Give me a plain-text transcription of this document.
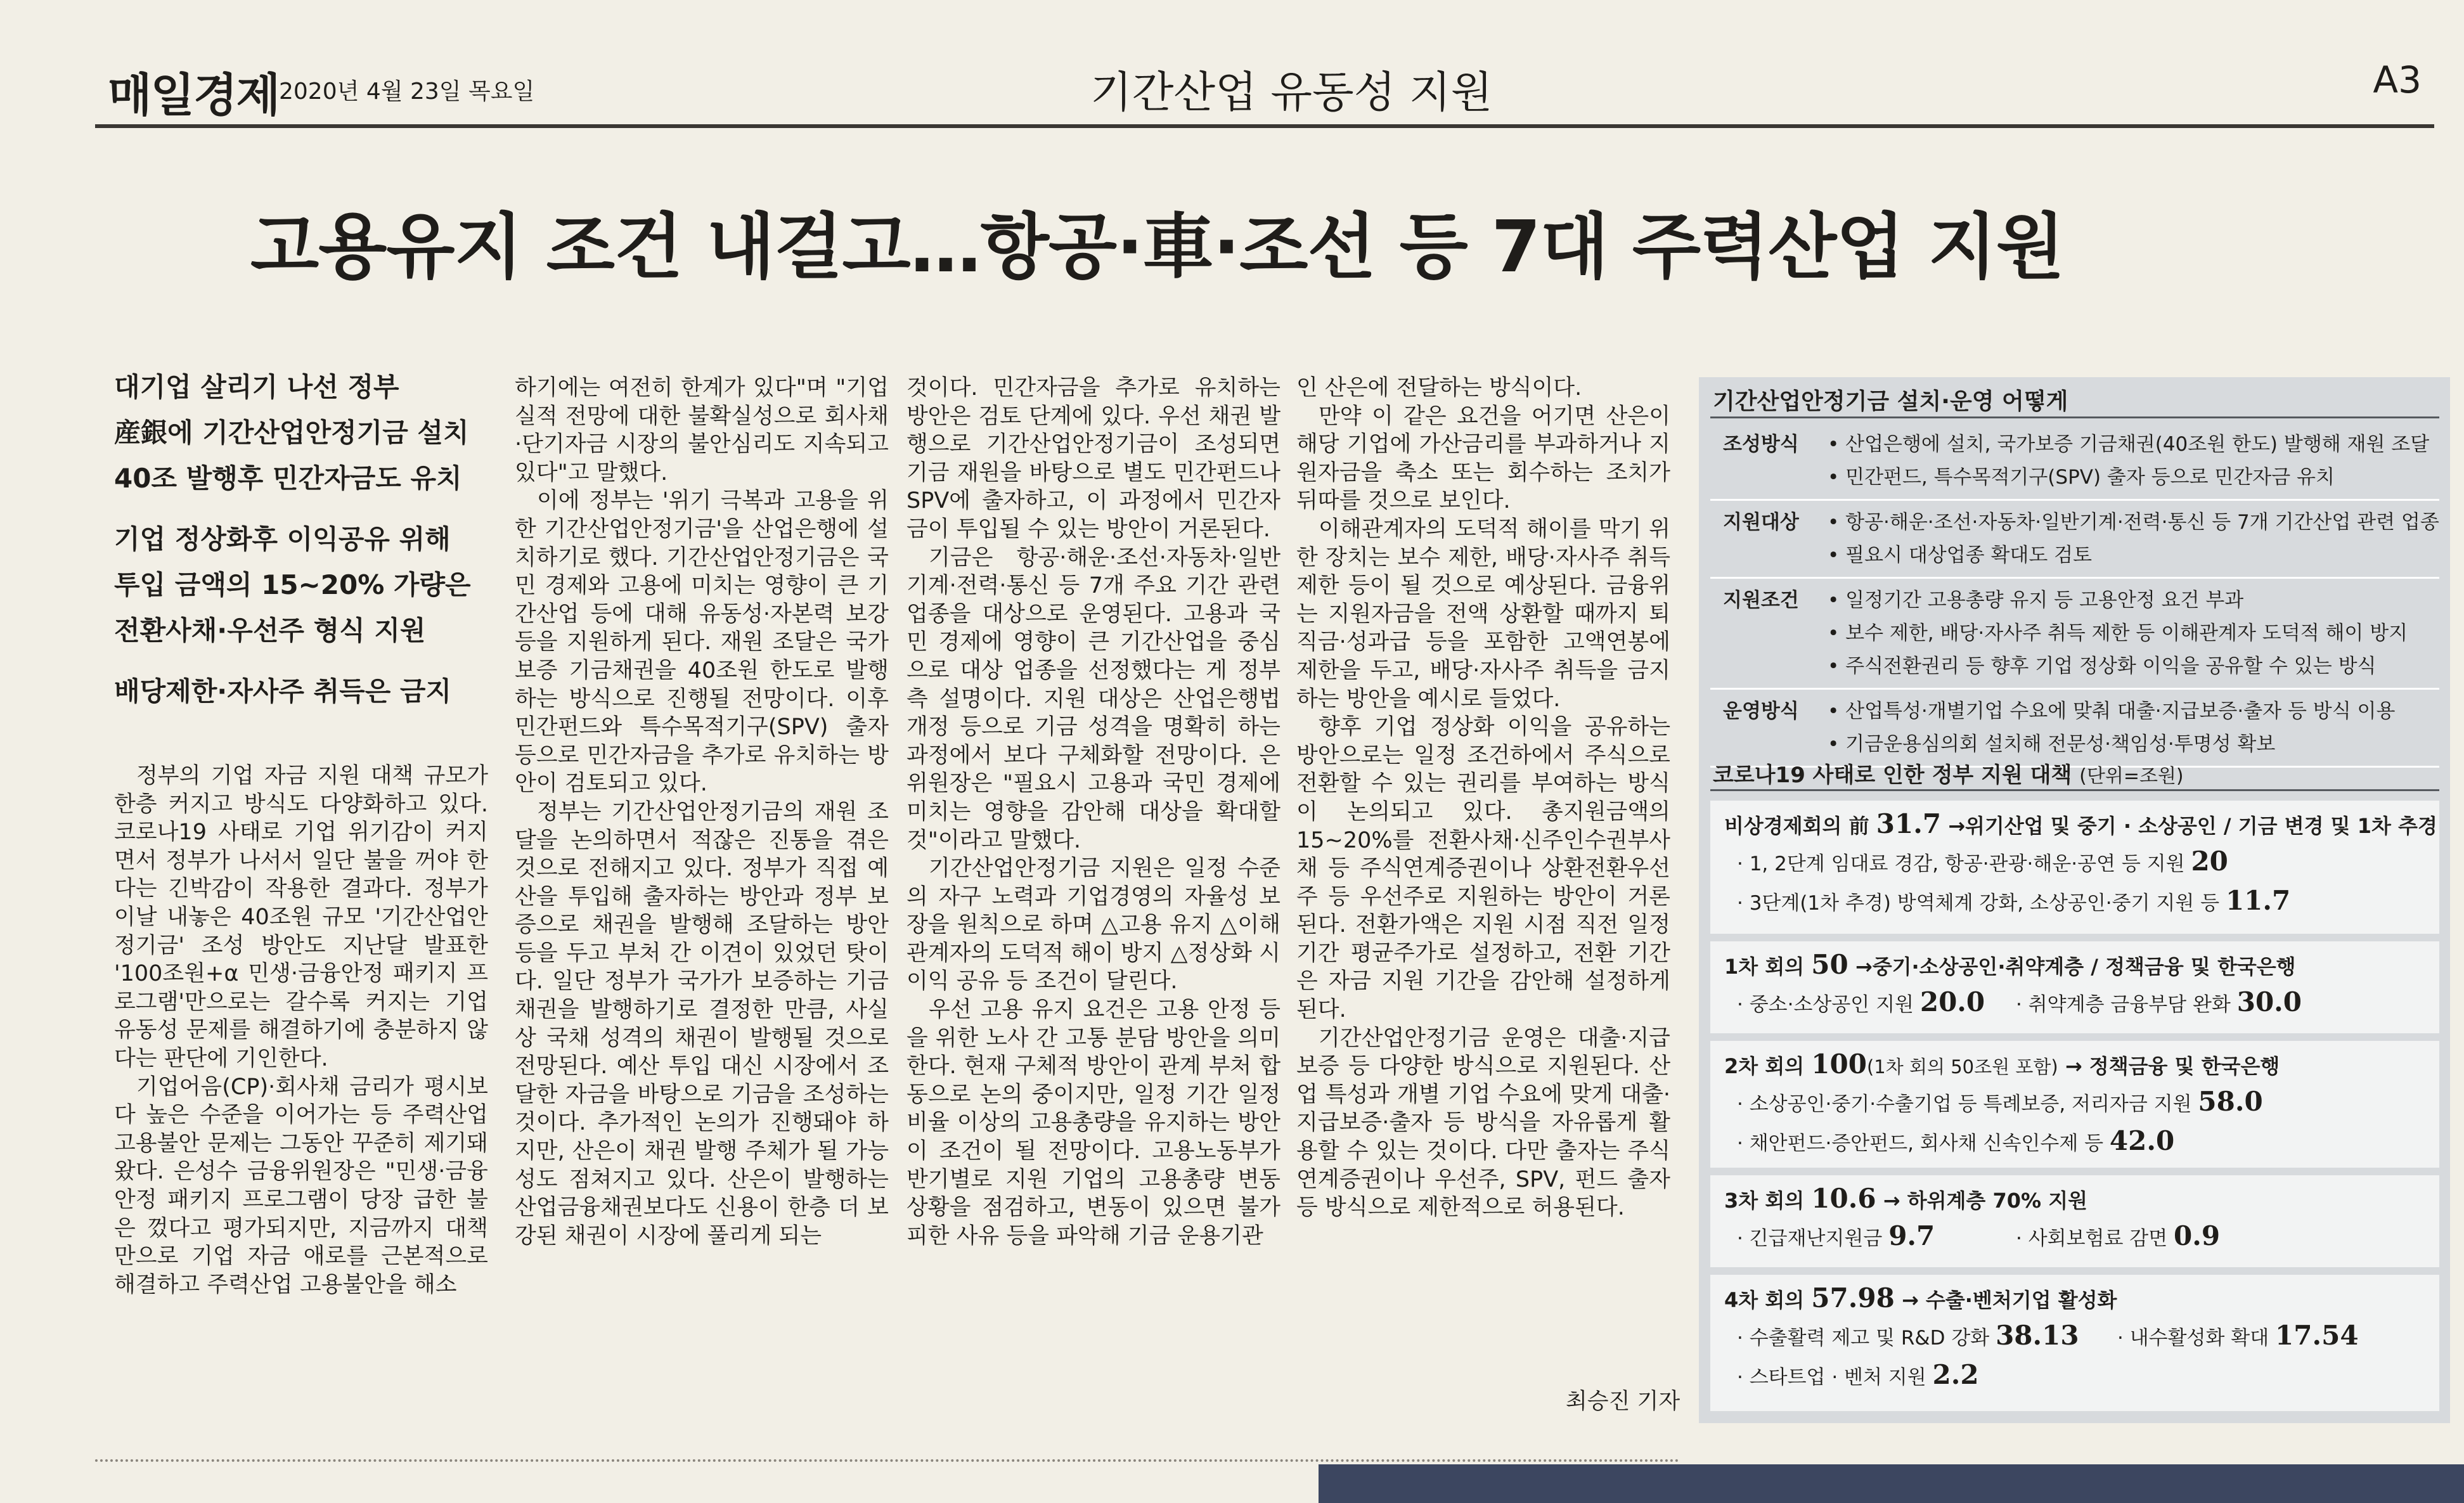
매일경제 2020년 4월 23일 목요일	기간산업 유동성 지원	A3
고용유지 조건 내걸고…항공·車·조선 등 7대 주력산업 지원
대기업 살리기 나선 정부
産銀에 기간산업안정기금 설치
40조 발행후 민간자금도 유치
기업 정상화후 이익공유 위해
투입 금액의 15~20% 가량은
전환사채·우선주 형식 지원
배당제한·자사주 취득은 금지

정부의 기업 자금 지원 대책 규모가 한층 커지고 방식도 다양화하고 있다. 코로나19 사태로 기업 위기감이 커지면서 정부가 나서서 일단 불을 꺼야 한다는 긴박감이 작용한 결과다. 정부가 이날 내놓은 40조원 규모 '기간산업안정기금' 조성 방안도 지난달 발표한 '100조원+α 민생·금융안정 패키지 프로그램'만으로는 갈수록 커지는 기업 유동성 문제를 해결하기에 충분하지 않다는 판단에 기인한다.

기업어음(CP)·회사채 금리가 평시보다 높은 수준을 이어가는 등 주력산업 고용불안 문제는 그동안 꾸준히 제기돼 왔다. 은성수 금융위원장은 "민생·금융안정 패키지 프로그램이 당장 급한 불은 껐다고 평가되지만, 지금까지 대책만으로 기업 자금 애로를 근본적으로 해결하고 주력산업 고용불안을 해소

하기에는 여전히 한계가 있다"며 "기업 실적 전망에 대한 불확실성으로 회사채·단기자금 시장의 불안심리도 지속되고 있다"고 말했다.

이에 정부는 '위기 극복과 고용을 위한 기간산업안정기금'을 산업은행에 설치하기로 했다. 기간산업안정기금은 국민 경제와 고용에 미치는 영향이 큰 기간산업 등에 대해 유동성·자본력 보강 등을 지원하게 된다. 재원 조달은 국가보증 기금채권을 40조원 한도로 발행하는 방식으로 진행될 전망이다. 이후 민간펀드와 특수목적기구(SPV) 출자 등으로 민간자금을 추가로 유치하는 방안이 검토되고 있다.

정부는 기간산업안정기금의 재원 조달을 논의하면서 적잖은 진통을 겪은 것으로 전해지고 있다. 정부가 직접 예산을 투입해 출자하는 방안과 정부 보증으로 채권을 발행해 조달하는 방안 등을 두고 부처 간 이견이 있었던 탓이다. 일단 정부가 국가가 보증하는 기금채권을 발행하기로 결정한 만큼, 사실상 국채 성격의 채권이 발행될 것으로 전망된다. 예산 투입 대신 시장에서 조달한 자금을 바탕으로 기금을 조성하는 것이다. 추가적인 논의가 진행돼야 하지만, 산은이 채권 발행 주체가 될 가능성도 점쳐지고 있다. 산은이 발행하는 산업금융채권보다도 신용이 한층 더 보강된 채권이 시장에 풀리게 되는

것이다. 민간자금을 추가로 유치하는 방안은 검토 단계에 있다. 우선 채권 발행으로 기간산업안정기금이 조성되면 기금 재원을 바탕으로 별도 민간펀드나 SPV에 출자하고, 이 과정에서 민간자금이 투입될 수 있는 방안이 거론된다.

기금은 항공·해운·조선·자동차·일반기계·전력·통신 등 7개 주요 기간 관련 업종을 대상으로 운영된다. 고용과 국민 경제에 영향이 큰 기간산업을 중심으로 대상 업종을 선정했다는 게 정부 측 설명이다. 지원 대상은 산업은행법 개정 등으로 기금 성격을 명확히 하는 과정에서 보다 구체화할 전망이다. 은 위원장은 "필요시 고용과 국민 경제에 미치는 영향을 감안해 대상을 확대할 것"이라고 말했다.

기간산업안정기금 지원은 일정 수준의 자구 노력과 기업경영의 자율성 보장을 원칙으로 하며 △고용 유지 △이해관계자의 도덕적 해이 방지 △정상화 시 이익 공유 등 조건이 달린다.

우선 고용 유지 요건은 고용 안정 등을 위한 노사 간 고통 분담 방안을 의미한다. 현재 구체적 방안이 관계 부처 합동으로 논의 중이지만, 일정 기간 일정 비율 이상의 고용총량을 유지하는 방안이 조건이 될 전망이다. 고용노동부가 반기별로 지원 기업의 고용총량 변동 상황을 점검하고, 변동이 있으면 불가피한 사유 등을 파악해 기금 운용기관

인 산은에 전달하는 방식이다.

만약 이 같은 요건을 어기면 산은이 해당 기업에 가산금리를 부과하거나 지원자금을 축소 또는 회수하는 조치가 뒤따를 것으로 보인다.

이해관계자의 도덕적 해이를 막기 위한 장치는 보수 제한, 배당·자사주 취득 제한 등이 될 것으로 예상된다. 금융위는 지원자금을 전액 상환할 때까지 퇴직금·성과급 등을 포함한 고액연봉에 제한을 두고, 배당·자사주 취득을 금지하는 방안을 예시로 들었다.

향후 기업 정상화 이익을 공유하는 방안으로는 일정 조건하에서 주식으로 전환할 수 있는 권리를 부여하는 방식이 논의되고 있다. 총지원금액의 15~20%를 전환사채·신주인수권부사채 등 주식연계증권이나 상환전환우선주 등 우선주로 지원하는 방안이 거론된다. 전환가액은 지원 시점 직전 일정 기간 평균주가로 설정하고, 전환 기간은 자금 지원 기간을 감안해 설정하게 된다.

기간산업안정기금 운영은 대출·지급보증 등 다양한 방식으로 지원된다. 산업 특성과 개별 기업 수요에 맞게 대출·지급보증·출자 등 방식을 자유롭게 활용할 수 있는 것이다. 다만 출자는 주식연계증권이나 우선주, SPV, 펀드 출자 등 방식으로 제한적으로 허용된다.

최승진 기자
기간산업안정기금 설치·운영 어떻게
조성방식	• 산업은행에 설치, 국가보증 기금채권(40조원 한도) 발행해 재원 조달
• 민간펀드, 특수목적기구(SPV) 출자 등으로 민간자금 유치
지원대상	• 항공·해운·조선·자동차·일반기계·전력·통신 등 7개 기간산업 관련 업종
• 필요시 대상업종 확대도 검토
지원조건	• 일정기간 고용총량 유지 등 고용안정 요건 부과
• 보수 제한, 배당·자사주 취득 제한 등 이해관계자 도덕적 해이 방지
• 주식전환권리 등 향후 기업 정상화 이익을 공유할 수 있는 방식
운영방식	• 산업특성·개별기업 수요에 맞춰 대출·지급보증·출자 등 방식 이용
• 기금운용심의회 설치해 전문성·책임성·투명성 확보
코로나19 사태로 인한 정부 지원 대책 (단위=조원)
비상경제회의 前 31.7 →위기산업 및 중기 · 소상공인 / 기금 변경 및 1차 추경
· 1, 2단계 임대료 경감, 항공·관광·해운·공연 등 지원 20
· 3단계(1차 추경) 방역체계 강화, 소상공인·중기 지원 등 11.7
1차 회의 50 →중기·소상공인·취약계층 / 정책금융 및 한국은행
· 중소·소상공인 지원 20.0	· 취약계층 금융부담 완화 30.0
2차 회의 100(1차 회의 50조원 포함) → 정책금융 및 한국은행
· 소상공인·중기·수출기업 등 특례보증, 저리자금 지원 58.0
· 채안펀드·증안펀드, 회사채 신속인수제 등 42.0
3차 회의 10.6 → 하위계층 70% 지원
· 긴급재난지원금 9.7	· 사회보험료 감면 0.9
4차 회의 57.98 → 수출·벤처기업 활성화
· 수출활력 제고 및 R&D 강화 38.13	· 내수활성화 확대 17.54
· 스타트업 · 벤처 지원 2.2
